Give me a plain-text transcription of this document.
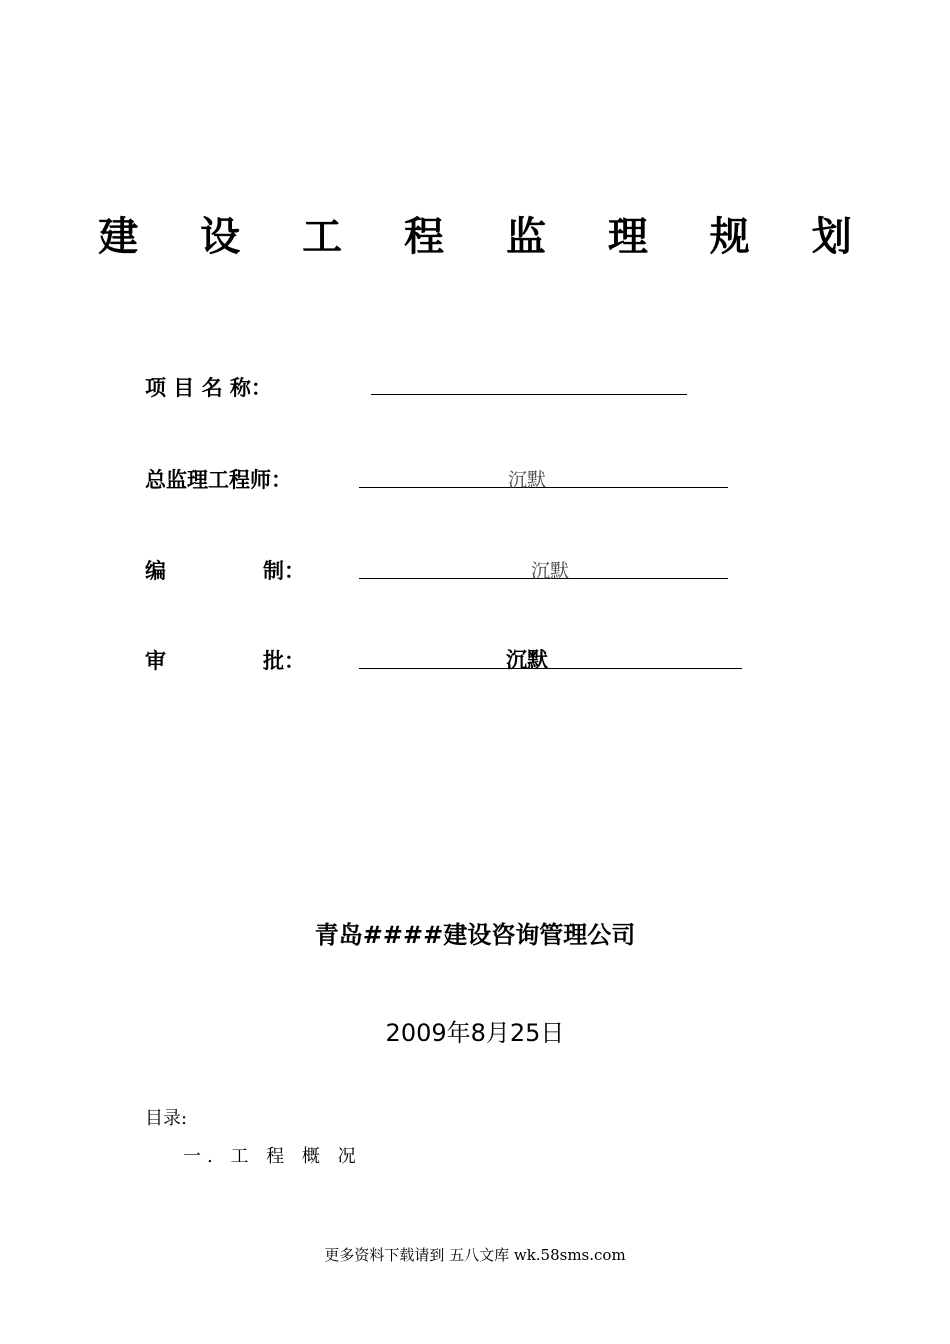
建 设 工 程 监 理 规 划
项 目 名 称：
总监理工程师：	沉默
编	制：	沉默
审	批：	沉默
青岛####建设咨询管理公司
2009年8月25日
目录:
一. 工 程 概 况
更多资料下载请到 五八文库 wk.58sms.com
